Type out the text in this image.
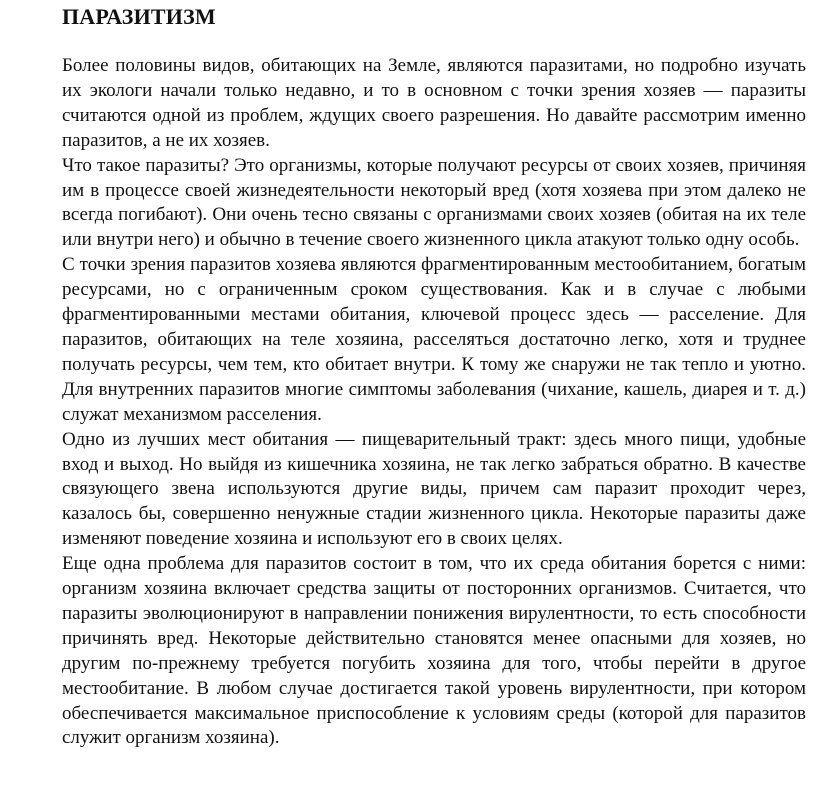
ПАРАЗИТИЗМ

Более половины видов, обитающих на Земле, являются паразитами, но подробно изучать их экологи начали только недавно, и то в основном с точки зрения хозяев — паразиты считаются одной из проблем, ждущих своего разрешения. Но давайте рассмотрим именно паразитов, а не их хозяев.

Что такое паразиты? Это организмы, которые получают ресурсы от своих хозяев, причиняя им в процессе своей жизнедеятельности некоторый вред (хотя хозяева при этом далеко не всегда погибают). Они очень тесно связаны с организмами своих хозяев (обитая на их теле или внутри него) и обычно в течение своего жизненного цикла атакуют только одну особь.

С точки зрения паразитов хозяева являются фрагментированным местообитанием, богатым ресурсами, но с ограниченным сроком существования. Как и в случае с любыми фрагментированными местами обитания, ключевой процесс здесь — расселение. Для паразитов, обитающих на теле хозяина, расселяться достаточно легко, хотя и труднее получать ресурсы, чем тем, кто обитает внутри. К тому же снаружи не так тепло и уютно. Для внутренних паразитов многие симптомы заболевания (чихание, кашель, диарея и т. д.) служат механизмом расселения.

Одно из лучших мест обитания — пищеварительный тракт: здесь много пищи, удобные вход и выход. Но выйдя из кишечника хозяина, не так легко забраться обратно. В качестве связующего звена используются другие виды, причем сам паразит проходит через, казалось бы, совершенно ненужные стадии жизненного цикла. Некоторые паразиты даже изменяют поведение хозяина и используют его в своих целях.

Еще одна проблема для паразитов состоит в том, что их среда обитания борется с ними: организм хозяина включает средства защиты от посторонних организмов. Считается, что паразиты эволюционируют в направлении понижения вирулентности, то есть способности причинять вред. Некоторые действительно становятся менее опасными для хозяев, но другим по-прежнему требуется погубить хозяина для того, чтобы перейти в другое местообитание. В любом случае достигается такой уровень вирулентности, при котором обеспечивается максимальное приспособление к условиям среды (которой для паразитов служит организм хозяина).
